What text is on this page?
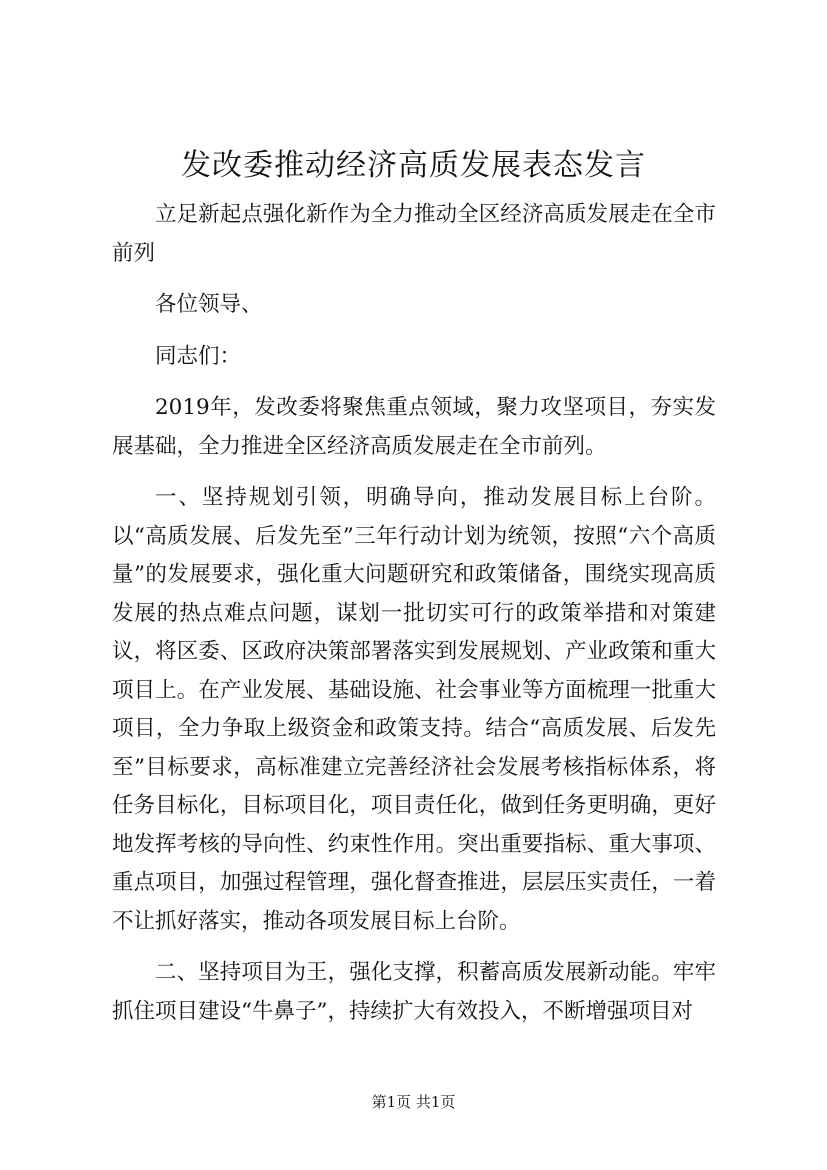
发改委推动经济高质发展表态发言

立足新起点强化新作为全力推动全区经济高质发展走在全市前列

各位领导、

同志们：

2019年，发改委将聚焦重点领域，聚力攻坚项目，夯实发展基础，全力推进全区经济高质发展走在全市前列。

一、坚持规划引领，明确导向，推动发展目标上台阶。以“高质发展、后发先至”三年行动计划为统领，按照“六个高质量”的发展要求，强化重大问题研究和政策储备，围绕实现高质发展的热点难点问题，谋划一批切实可行的政策举措和对策建议，将区委、区政府决策部署落实到发展规划、产业政策和重大项目上。在产业发展、基础设施、社会事业等方面梳理一批重大项目，全力争取上级资金和政策支持。结合“高质发展、后发先至”目标要求，高标准建立完善经济社会发展考核指标体系，将任务目标化，目标项目化，项目责任化，做到任务更明确，更好地发挥考核的导向性、约束性作用。突出重要指标、重大事项、重点项目，加强过程管理，强化督查推进，层层压实责任，一着不让抓好落实，推动各项发展目标上台阶。

二、坚持项目为王，强化支撑，积蓄高质发展新动能。牢牢抓住项目建设“牛鼻子”，持续扩大有效投入，不断增强项目对

第1页 共1页
